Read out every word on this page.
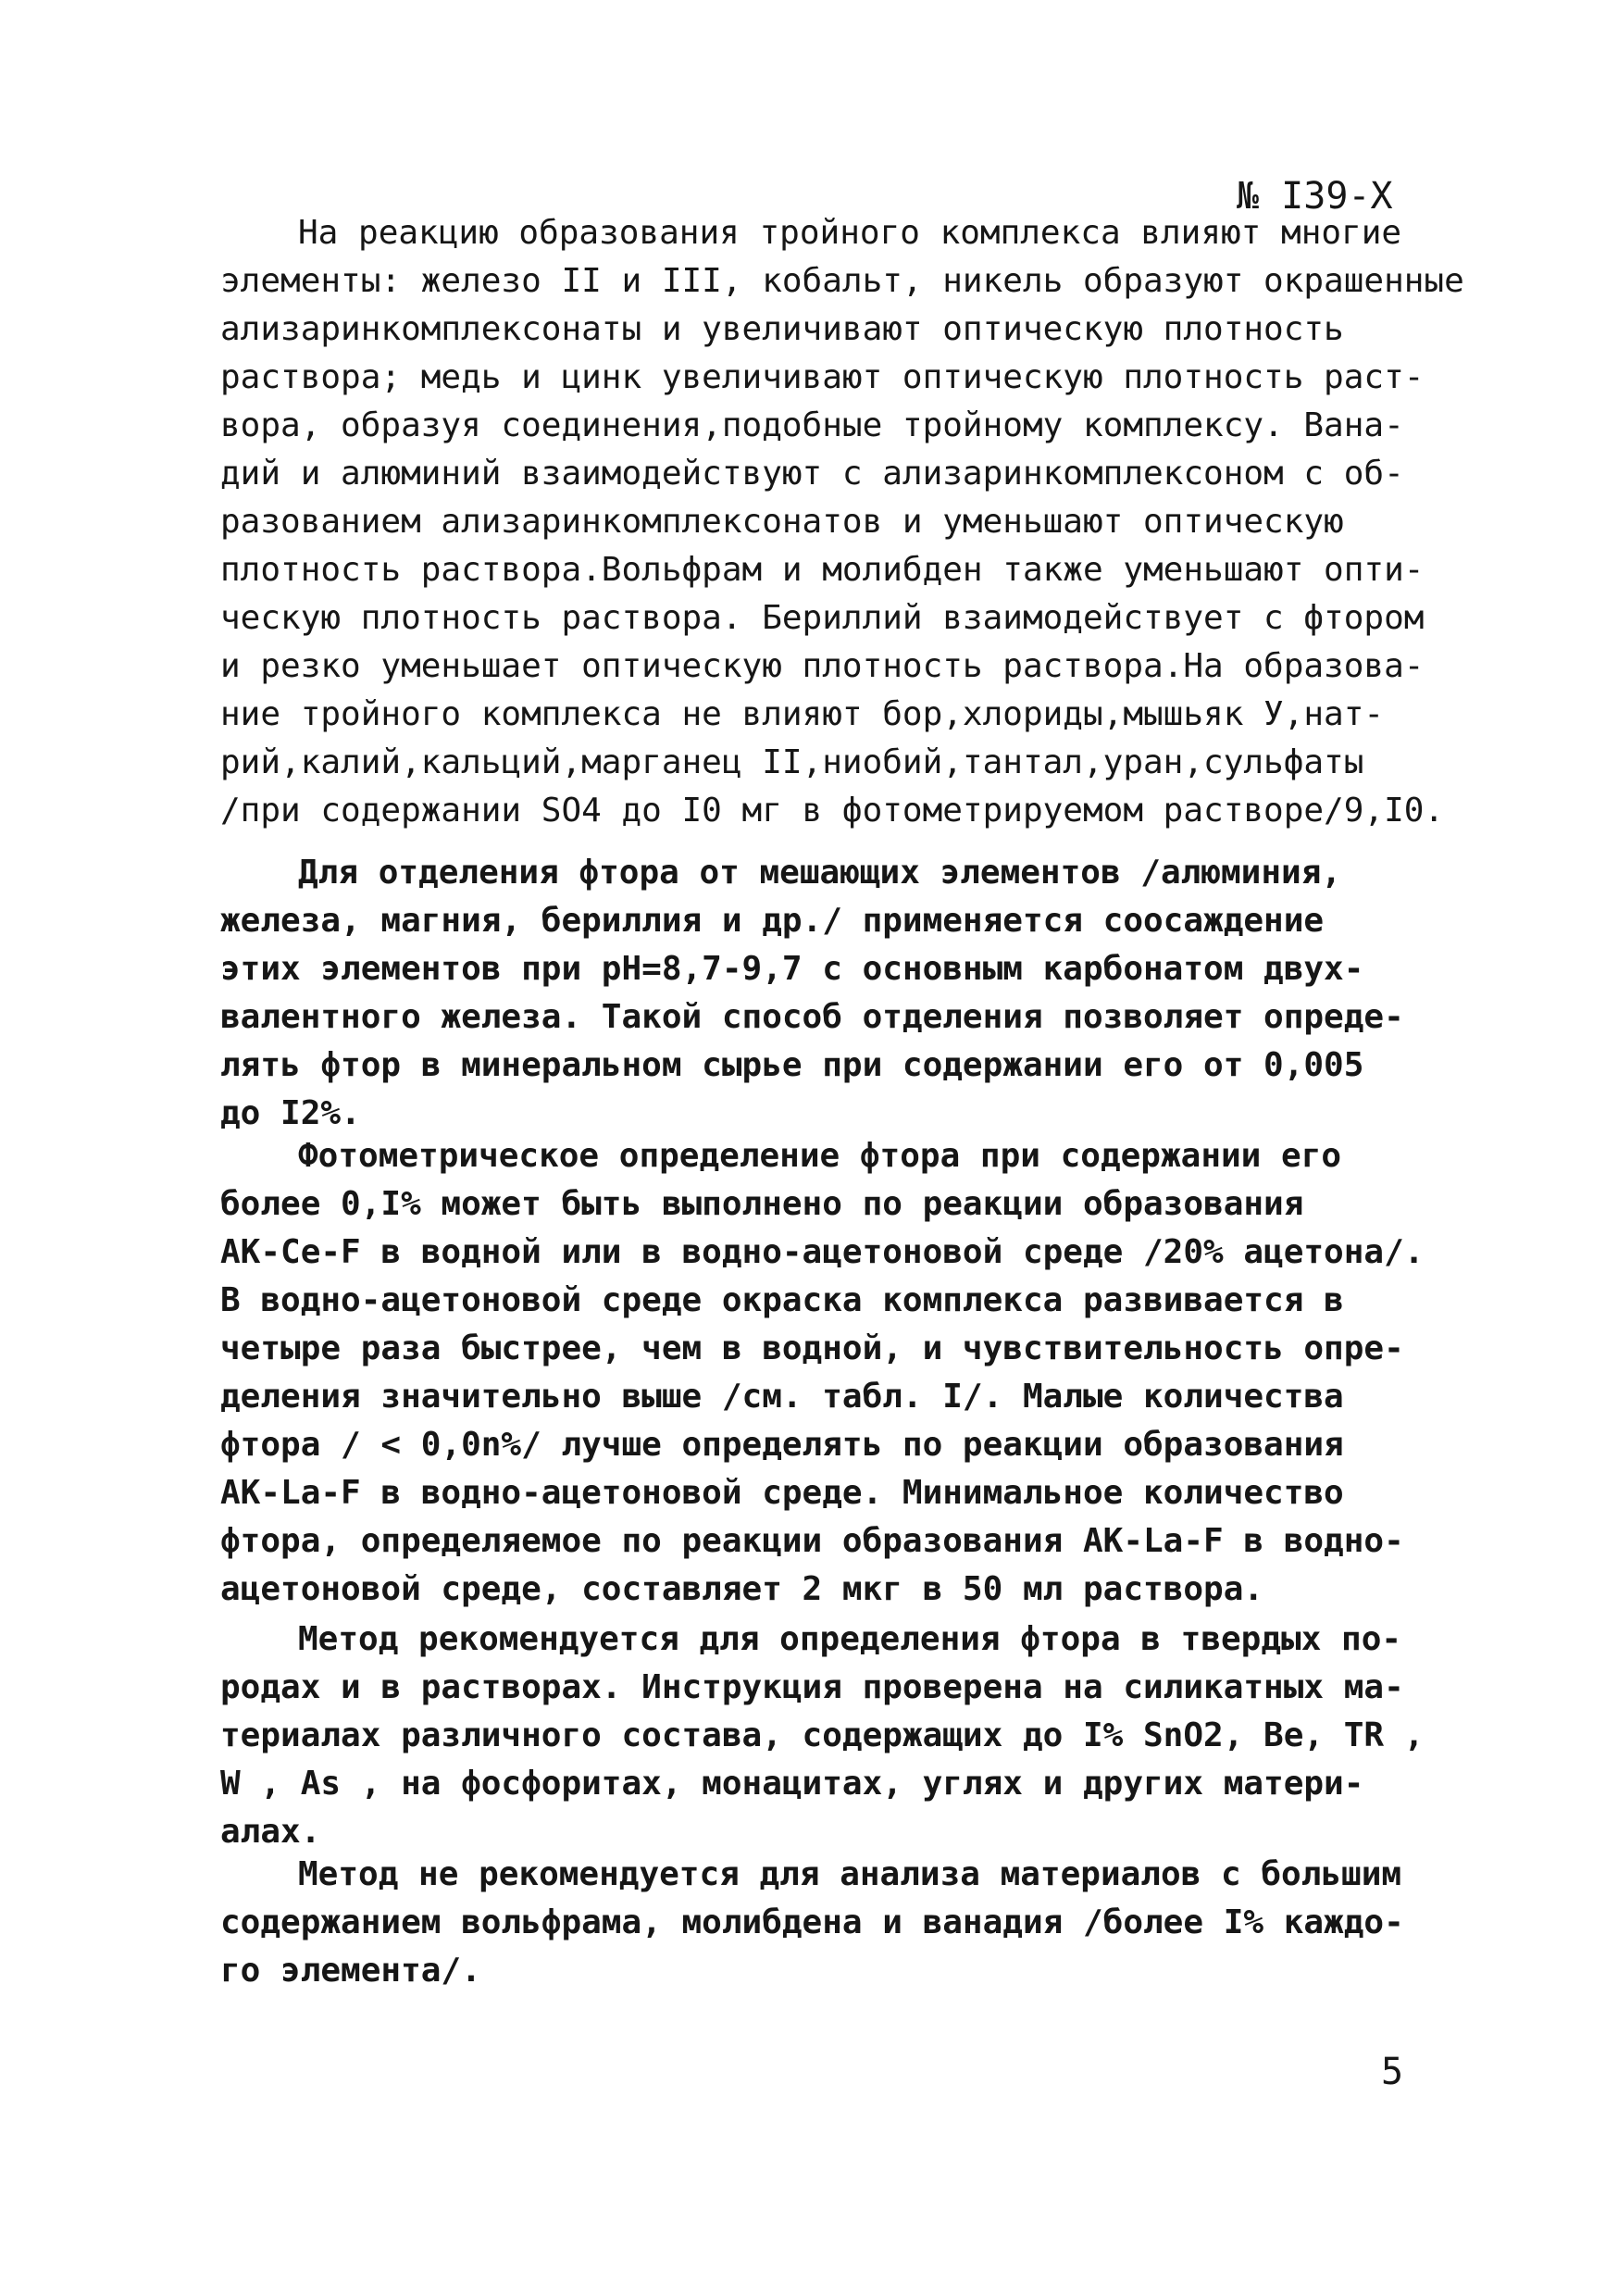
№ I39-X
На реакцию образования тройного комплекса влияют многие
элементы: железо II и III, кобальт, никель образуют окрашенные
ализаринкомплексонаты и увеличивают оптическую плотность
раствора; медь и цинк увеличивают оптическую плотность раст-
вора, образуя соединения,подобные тройному комплексу. Вана-
дий и алюминий взаимодействуют с ализаринкомплексоном с об-
разованием ализаринкомплексонатов и уменьшают оптическую
плотность раствора.Вольфрам и молибден также уменьшают опти-
ческую плотность раствора. Бериллий взаимодействует с фтором
и резко уменьшает оптическую плотность раствора.На образова-
ние тройного комплекса не влияют бор,хлориды,мышьяк У,нат-
рий,калий,кальций,марганец II,ниобий,тантал,уран,сульфаты
/при содержании SO4 до I0 мг в фотометрируемом растворе/9,I0.
Для отделения фтора от мешающих элементов /алюминия,
железа, магния, бериллия и др./ применяется соосаждение
этих элементов при рН=8,7-9,7 с основным карбонатом двух-
валентного железа. Такой способ отделения позволяет опреде-
лять фтор в минеральном сырье при содержании его от 0,005
до I2%.
Фотометрическое определение фтора при содержании его
более 0,I% может быть выполнено по реакции образования
АК-Се-F в водной или в водно-ацетоновой среде /20% ацетона/.
В водно-ацетоновой среде окраска комплекса развивается в
четыре раза быстрее, чем в водной, и чувствительность опре-
деления значительно выше /см. табл. I/. Малые количества
фтора / < 0,0n%/ лучше определять по реакции образования
АК-La-F в водно-ацетоновой среде. Минимальное количество
фтора, определяемое по реакции образования АК-La-F в водно-
ацетоновой среде, составляет 2 мкг в 50 мл раствора.
Метод рекомендуется для определения фтора в твердых по-
родах и в растворах. Инструкция проверена на силикатных ма-
териалах различного состава, содержащих до I% SnO2, Be, TR ,
W , As , на фосфоритах, монацитах, углях и других матери-
алах.
Метод не рекомендуется для анализа материалов с большим
содержанием вольфрама, молибдена и ванадия /более I% каждо-
го элемента/.
5
